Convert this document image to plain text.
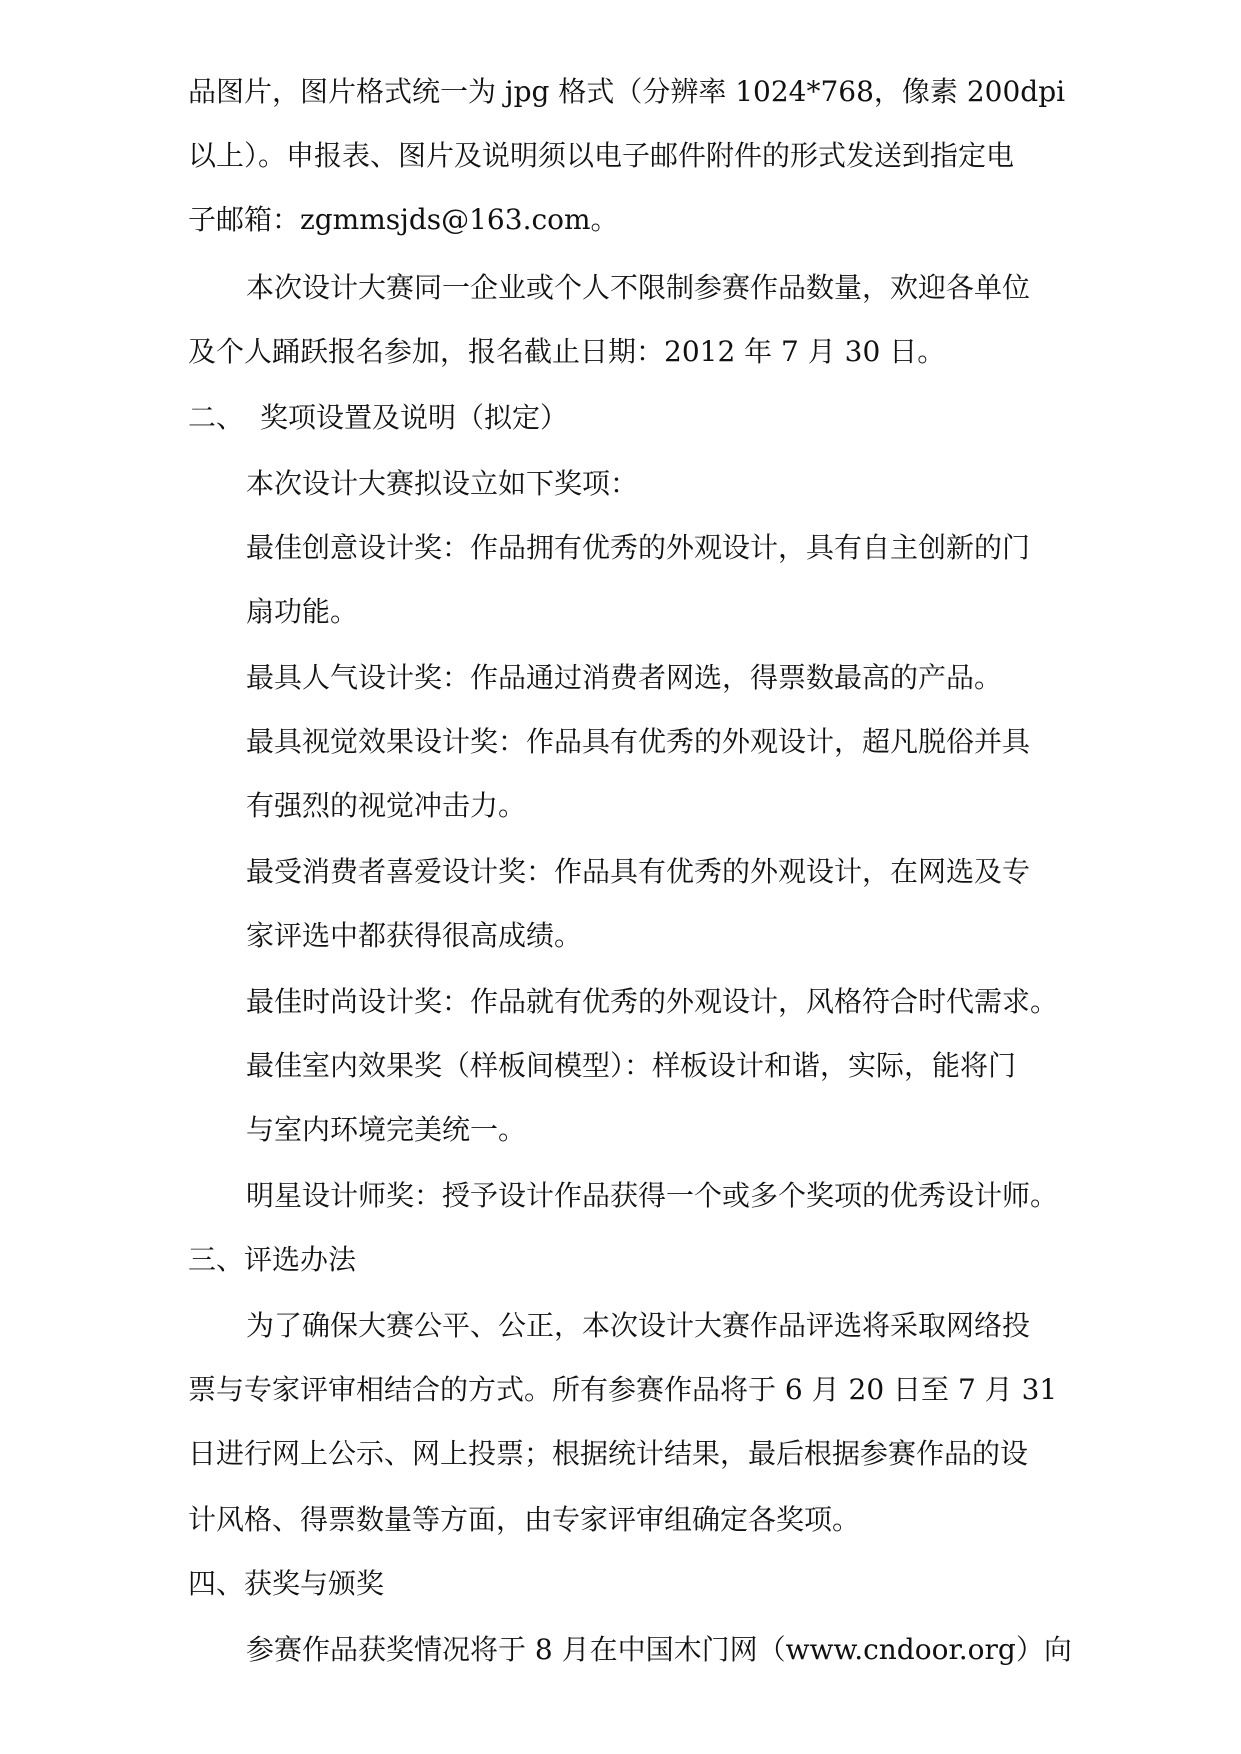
品图片，图片格式统一为 jpg 格式（分辨率 1024*768，像素 200dpi
以上）。申报表、图片及说明须以电子邮件附件的形式发送到指定电
子邮箱：zgmmsjds@163.com。
本次设计大赛同一企业或个人不限制参赛作品数量，欢迎各单位
及个人踊跃报名参加，报名截止日期：2012 年 7 月 30 日。
二、 奖项设置及说明（拟定）
本次设计大赛拟设立如下奖项：
最佳创意设计奖：作品拥有优秀的外观设计，具有自主创新的门
扇功能。
最具人气设计奖：作品通过消费者网选，得票数最高的产品。
最具视觉效果设计奖：作品具有优秀的外观设计，超凡脱俗并具
有强烈的视觉冲击力。
最受消费者喜爱设计奖：作品具有优秀的外观设计，在网选及专
家评选中都获得很高成绩。
最佳时尚设计奖：作品就有优秀的外观设计，风格符合时代需求。
最佳室内效果奖（样板间模型）：样板设计和谐，实际，能将门
与室内环境完美统一。
明星设计师奖：授予设计作品获得一个或多个奖项的优秀设计师。
三、评选办法
为了确保大赛公平、公正，本次设计大赛作品评选将采取网络投
票与专家评审相结合的方式。所有参赛作品将于 6 月 20 日至 7 月 31
日进行网上公示、网上投票；根据统计结果，最后根据参赛作品的设
计风格、得票数量等方面，由专家评审组确定各奖项。
四、获奖与颁奖
参赛作品获奖情况将于 8 月在中国木门网（www.cndoor.org）向
